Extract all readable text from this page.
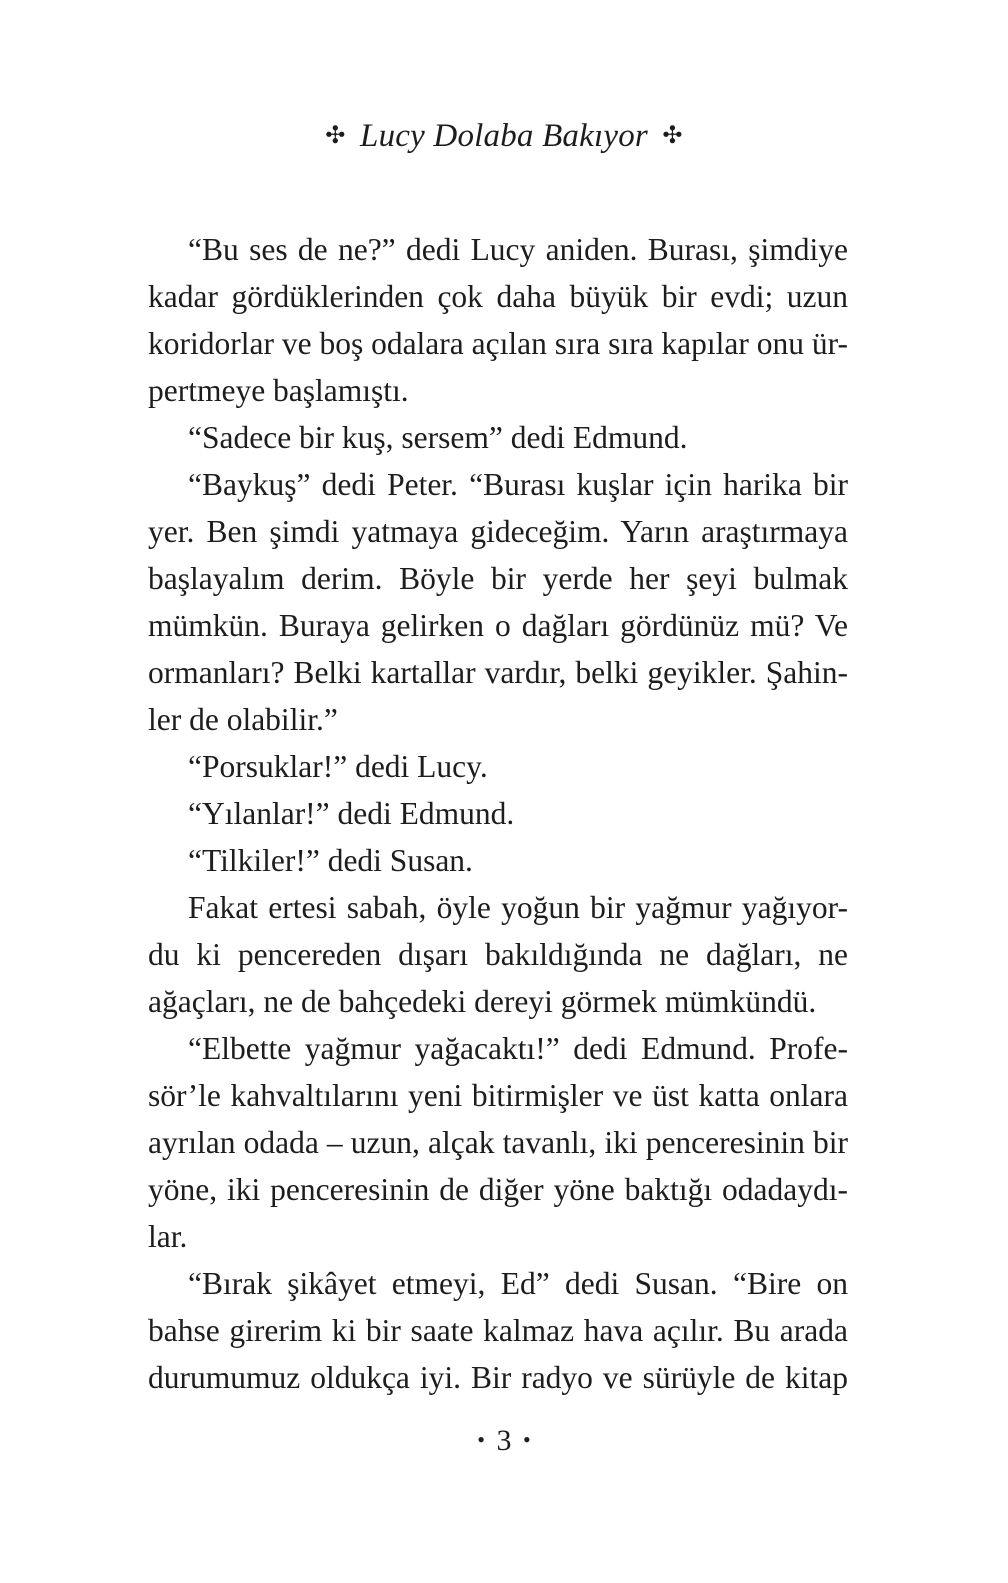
✣ Lucy Dolaba Bakıyor ✣
“Bu ses de ne?” dedi Lucy aniden. Burası, şimdiye
kadar gördüklerinden çok daha büyük bir evdi; uzun
koridorlar ve boş odalara açılan sıra sıra kapılar onu ür-
pertmeye başlamıştı.
“Sadece bir kuş, sersem” dedi Edmund.
“Baykuş” dedi Peter. “Burası kuşlar için harika bir
yer. Ben şimdi yatmaya gideceğim. Yarın araştırmaya
başlayalım derim. Böyle bir yerde her şeyi bulmak
mümkün. Buraya gelirken o dağları gördünüz mü? Ve
ormanları? Belki kartallar vardır, belki geyikler. Şahin-
ler de olabilir.”
“Porsuklar!” dedi Lucy.
“Yılanlar!” dedi Edmund.
“Tilkiler!” dedi Susan.
Fakat ertesi sabah, öyle yoğun bir yağmur yağıyor-
du ki pencereden dışarı bakıldığında ne dağları, ne
ağaçları, ne de bahçedeki dereyi görmek mümkündü.
“Elbette yağmur yağacaktı!” dedi Edmund. Profe-
sör’le kahvaltılarını yeni bitirmişler ve üst katta onlara
ayrılan odada – uzun, alçak tavanlı, iki penceresinin bir
yöne, iki penceresinin de diğer yöne baktığı odadaydı-
lar.
“Bırak şikâyet etmeyi, Ed” dedi Susan. “Bire on
bahse girerim ki bir saate kalmaz hava açılır. Bu arada
durumumuz oldukça iyi. Bir radyo ve sürüyle de kitap
• 3 •
